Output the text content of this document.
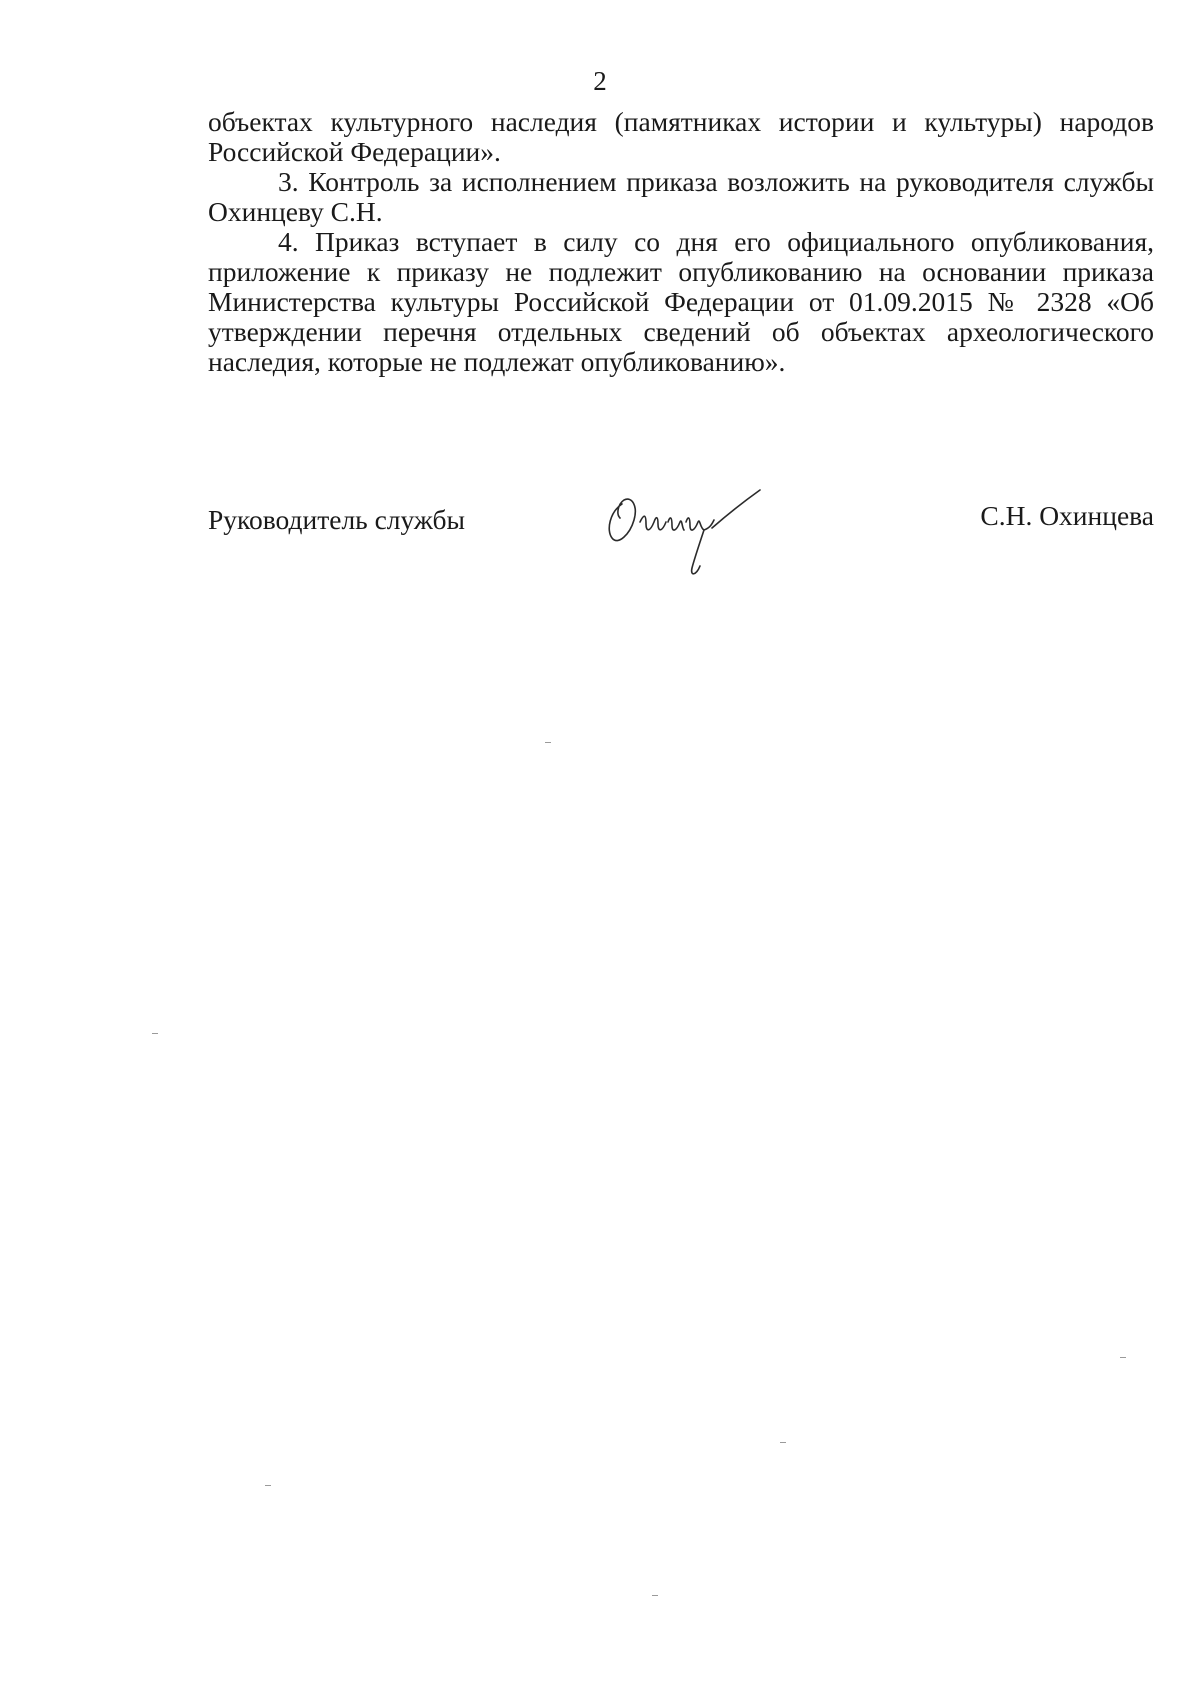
2

объектах культурного наследия (памятниках истории и культуры) народов Российской Федерации».

3. Контроль за исполнением приказа возложить на руководителя службы Охинцеву С.Н.

4. Приказ вступает в силу со дня его официального опубликования, приложение к приказу не подлежит опубликованию на основании приказа Министерства культуры Российской Федерации от 01.09.2015 № 2328 «Об утверждении перечня отдельных сведений об объектах археологического наследия, которые не подлежат опубликованию».

Руководитель службы	С.Н. Охинцева
